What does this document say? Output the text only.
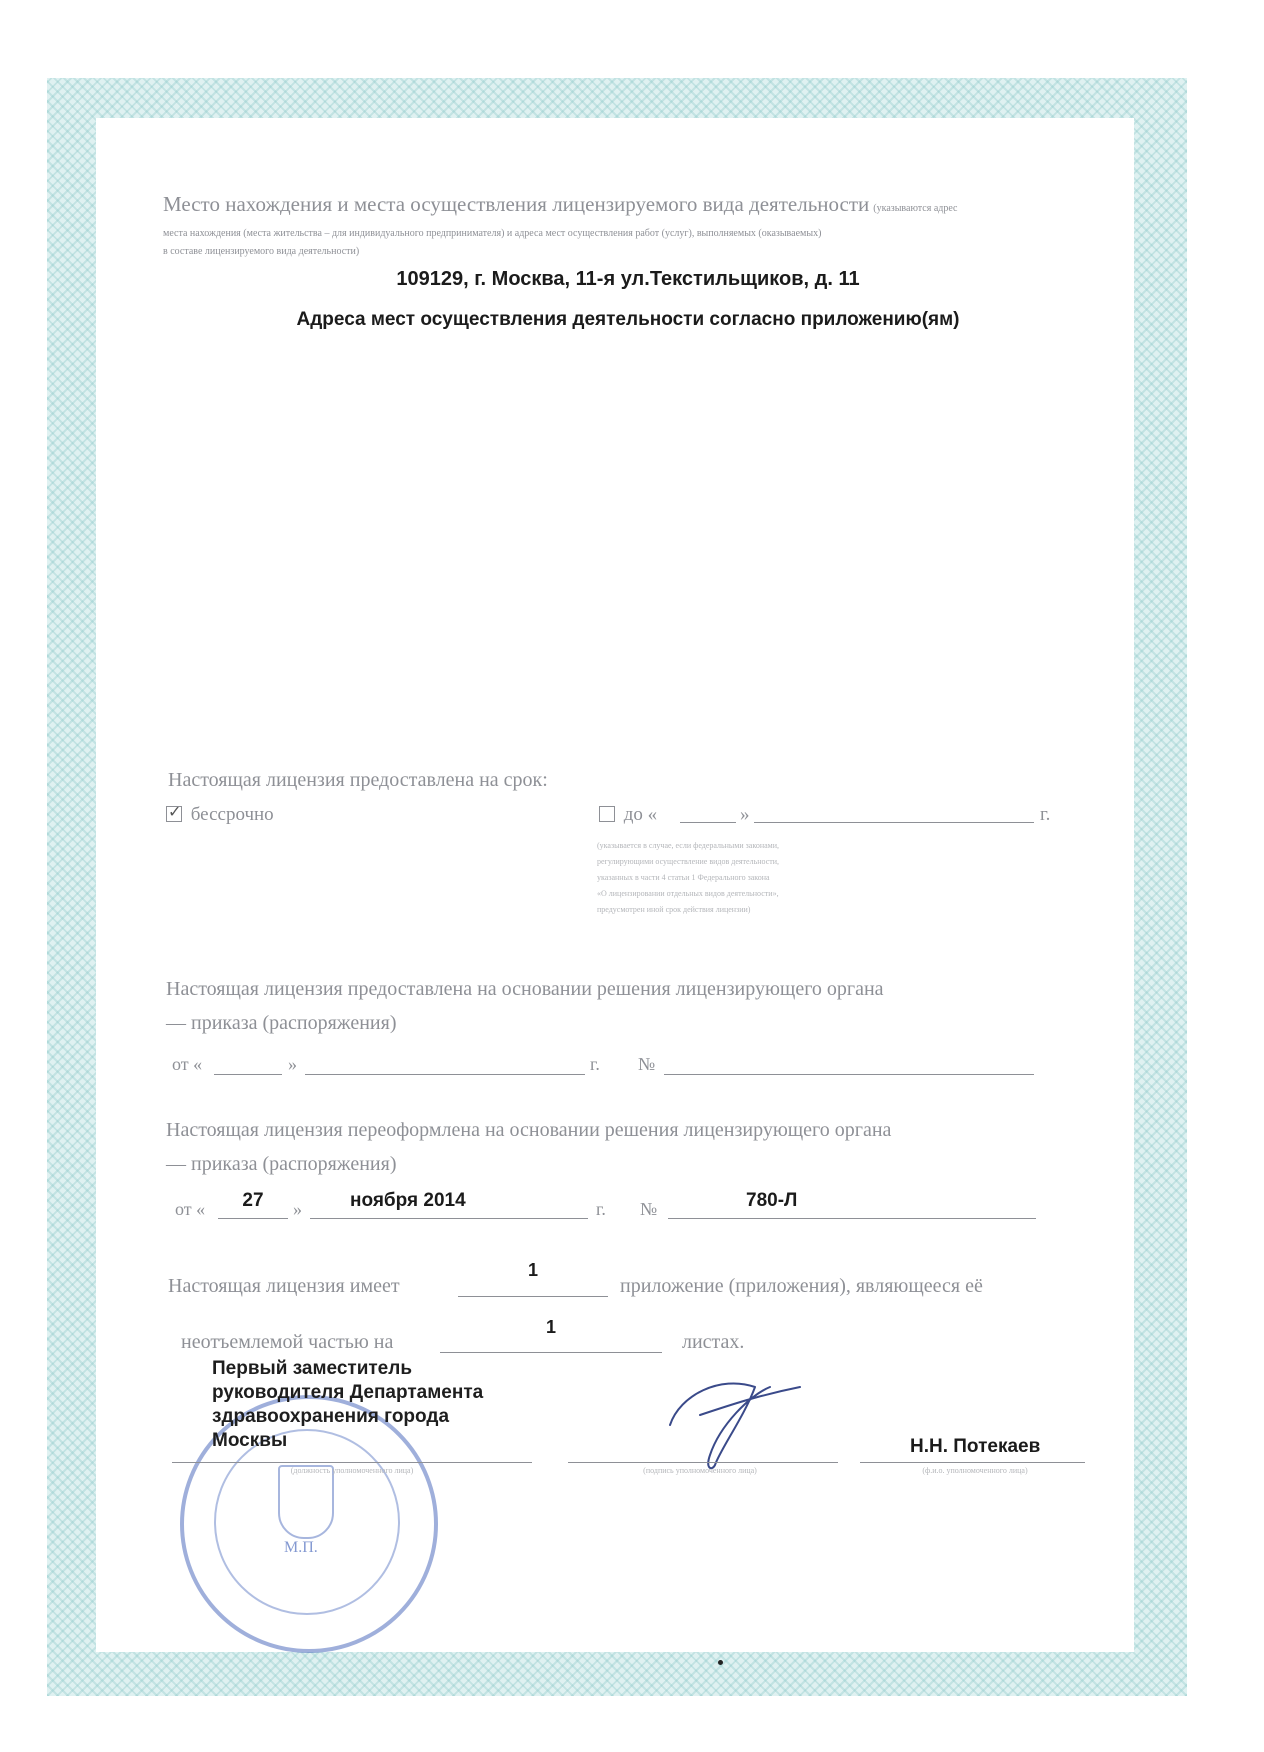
Место нахождения и места осуществления лицензируемого вида деятельности (указываются адрес
места нахождения (места жительства – для индивидуального предпринимателя) и адреса мест осуществления работ (услуг), выполняемых (оказываемых)
в составе лицензируемого вида деятельности)
109129, г. Москва, 11-я ул.Текстильщиков, д. 11
Адреса мест осуществления деятельности согласно приложению(ям)
Настоящая лицензия предоставлена на срок:
✓ бессрочно	до «	»	г.
(указывается в случае, если федеральными законами,
регулирующими осуществление видов деятельности,
указанных в части 4 статьи 1 Федерального закона
«О лицензировании отдельных видов деятельности»,
предусмотрен иной срок действия лицензии)
Настоящая лицензия предоставлена на основании решения лицензирующего органа
— приказа (распоряжения)
от «	»	г. №
Настоящая лицензия переоформлена на основании решения лицензирующего органа
— приказа (распоряжения)
от «	27	»	ноября 2014	г. №	780-Л
Настоящая лицензия имеет
1
приложение (приложения), являющееся её
неотъемлемой частью на
1
листах.
М.П.
Первый заместитель
руководителя Департамента
здравоохранения города
Москвы	Н.Н. Потекаев
(должность уполномоченного лица)	(подпись уполномоченного лица)	(ф.и.о. уполномоченного лица)
